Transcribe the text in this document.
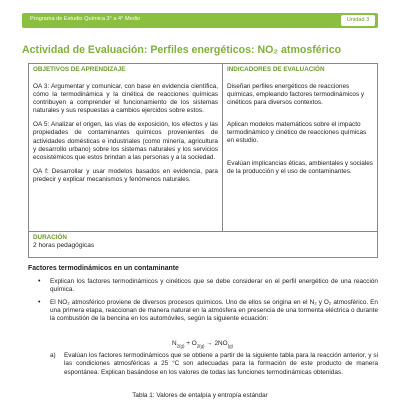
Programa de Estudio Química 3° a 4° Medio	Unidad 3
Actividad de Evaluación: Perfiles energéticos: NO₂ atmosférico
OBJETIVOS DE APRENDIZAJE

OA 3: Argumentar y comunicar, con base en evidencia científica, cómo la termodinámica y la cinética de reacciones químicas contribuyen a comprender el funcionamiento de los sistemas naturales y sus respuestas a cambios ejercidos sobre estos.

OA 5: Analizar el origen, las vías de exposición, los efectos y las propiedades de contaminantes químicos provenientes de actividades domésticas e industriales (como minería, agricultura y desarrollo urbano) sobre los sistemas naturales y los servicios ecosistémicos que estos brindan a las personas y a la sociedad.

OA f: Desarrollar y usar modelos basados en evidencia, para predecir y explicar mecanismos y fenómenos naturales.

INDICADORES DE EVALUACIÓN

Diseñan perfiles energéticos de reacciones químicas, empleando factores termodinámicos y cinéticos para diversos contextos.

Aplican modelos matemáticos sobre el impacto termodinámico y cinético de reacciones químicas en estudio.

Evalúan implicancias éticas, ambientales y sociales de la producción y el uso de contaminantes.

DURACIÓN
2 horas pedagógicas
Factores termodinámicos en un contaminante
• Explican los factores termodinámicos y cinéticos que se debe considerar en el perfil energético de una reacción química.
• El NO₂ atmosférico proviene de diversos procesos químicos. Uno de ellos se origina en el N₂ y O₂ atmosférico. En una primera etapa, reaccionan de manera natural en la atmósfera en presencia de una tormenta eléctrica o durante la combustión de la bencina en los automóviles, según la siguiente ecuación:
$N_{2(g)} + O_{2(g)} \to 2NO_{(g)}$
a)	Evalúan los factores termodinámicos que se obtiene a partir de la siguiente tabla para la reacción anterior, y si las condiciones atmosféricas a 25 °C son adecuadas para la formación de este producto de manera espontánea. Explican basándose en los valores de todas las funciones termodinámicas obtenidas.
Tabla 1: Valores de entalpía y entropía estándar
